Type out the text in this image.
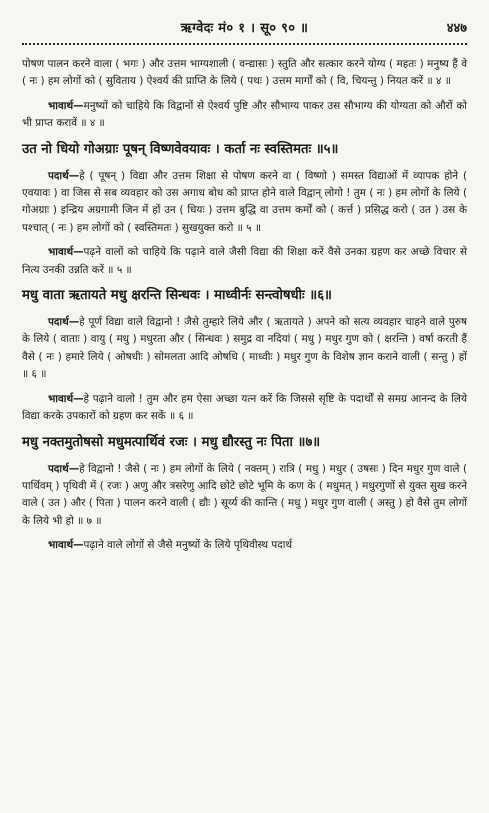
ऋग्वेदः मं० १ । सू० ९० ॥	४४७

पोषण पालन करने वाला ( भगः ) और उत्तम भाग्यशाली ( वन्द्यासः ) स्तुति और सत्कार करने योग्य ( महतः ) मनुष्य हैं वे ( नः ) हम लोगों को ( सुविताय ) ऐश्वर्य की प्राप्ति के लिये ( पथः ) उत्तम मार्गों को ( वि, चियन्तु ) नियत करें ॥ ४ ॥

भावार्थ—मनुष्यों को चाहिये कि विद्वानों से ऐश्वर्य पुष्टि और सौभाग्य पाकर उस सौभाग्य की योग्यता को औरों को भी प्राप्त करावें ॥ ४ ॥

उत नो धियो गोअग्राः पूषन् विष्णवेवयावः । कर्ता नः स्वस्तिमतः ॥५॥

पदार्थ—हे ( पूषन् ) विद्या और उत्तम शिक्षा से पोषण करने वा ( विष्णो ) समस्त विद्याओं में व्यापक होने ( एवयावः ) वा जिस से सब व्यवहार को उस अगाध बोध को प्राप्त होने वाले विद्वान् लोगो ! तुम ( नः ) हम लोगों के लिये ( गोअग्राः ) इन्द्रिय अग्रगामी जिन में हों उन ( धियः ) उत्तम बुद्धि वा उत्तम कर्मों को ( कर्त्त ) प्रसिद्ध करो ( उत ) उस के पश्चात् ( नः ) हम लोगों को ( स्वस्तिमतः ) सुखयुक्त करो ॥ ५ ॥

भावार्थ—पढ़ने वालों को चाहिये कि पढ़ाने वाले जैसी विद्या की शिक्षा करें वैसे उनका ग्रहण कर अच्छे विचार से नित्य उनकी उन्नति करें ॥ ५ ॥

मधु वाता ऋतायते मधु क्षरन्ति सिन्धवः । माध्वीर्नः सन्त्वोषधीः ॥६॥

पदार्थ—हे पूर्ण विद्या वाले विद्वानो ! जैसे तुम्हारे लिये और ( ऋतायते ) अपने को सत्य व्यवहार चाहने वाले पुरुष के लिये ( वाताः ) वायु ( मधु ) मधुरता और ( सिन्धवः ) समुद्र वा नदियां ( मधु ) मधुर गुण को ( क्षरन्ति ) वर्षा करती हैं वैसे ( नः ) हमारे लिये ( ओषधीः ) सोमलता आदि ओषधि ( माध्वीः ) मधुर गुण के विशेष ज्ञान कराने वाली ( सन्तु ) हों ॥ ६ ॥

भावार्थ—हे पढ़ाने वालो ! तुम और हम ऐसा अच्छा यत्न करें कि जिससे सृष्टि के पदार्थों से समग्र आनन्द के लिये विद्या करके उपकारों को ग्रहण कर सकें ॥ ६ ॥

मधु नक्तमुतोषसो मधुमत्पार्थिवं रजः । मधु द्यौरस्तु नः पिता ॥७॥

पदार्थ—हे विद्वानो ! जैसे ( नः ) हम लोगों के लिये ( नक्तम् ) रात्रि ( मधु ) मधुर ( उषसः ) दिन मधुर गुण वाले ( पार्थिवम् ) पृथिवी में ( रजः ) अणु और त्रसरेणु आदि छोटे छोटे भूमि के कण के ( मधुमत् ) मधुरगुणों से युक्त सुख करने वाले ( उत ) और ( पिता ) पालन करने वाली ( द्यौः ) सूर्य्य की कान्ति ( मधु ) मधुर गुण वाली ( अस्तु ) हो वैसे तुम लोगों के लिये भी हो ॥ ७ ॥

भावार्थ—पढ़ाने वाले लोगों से जैसे मनुष्यों के लिये पृथिवीस्थ पदार्थ
